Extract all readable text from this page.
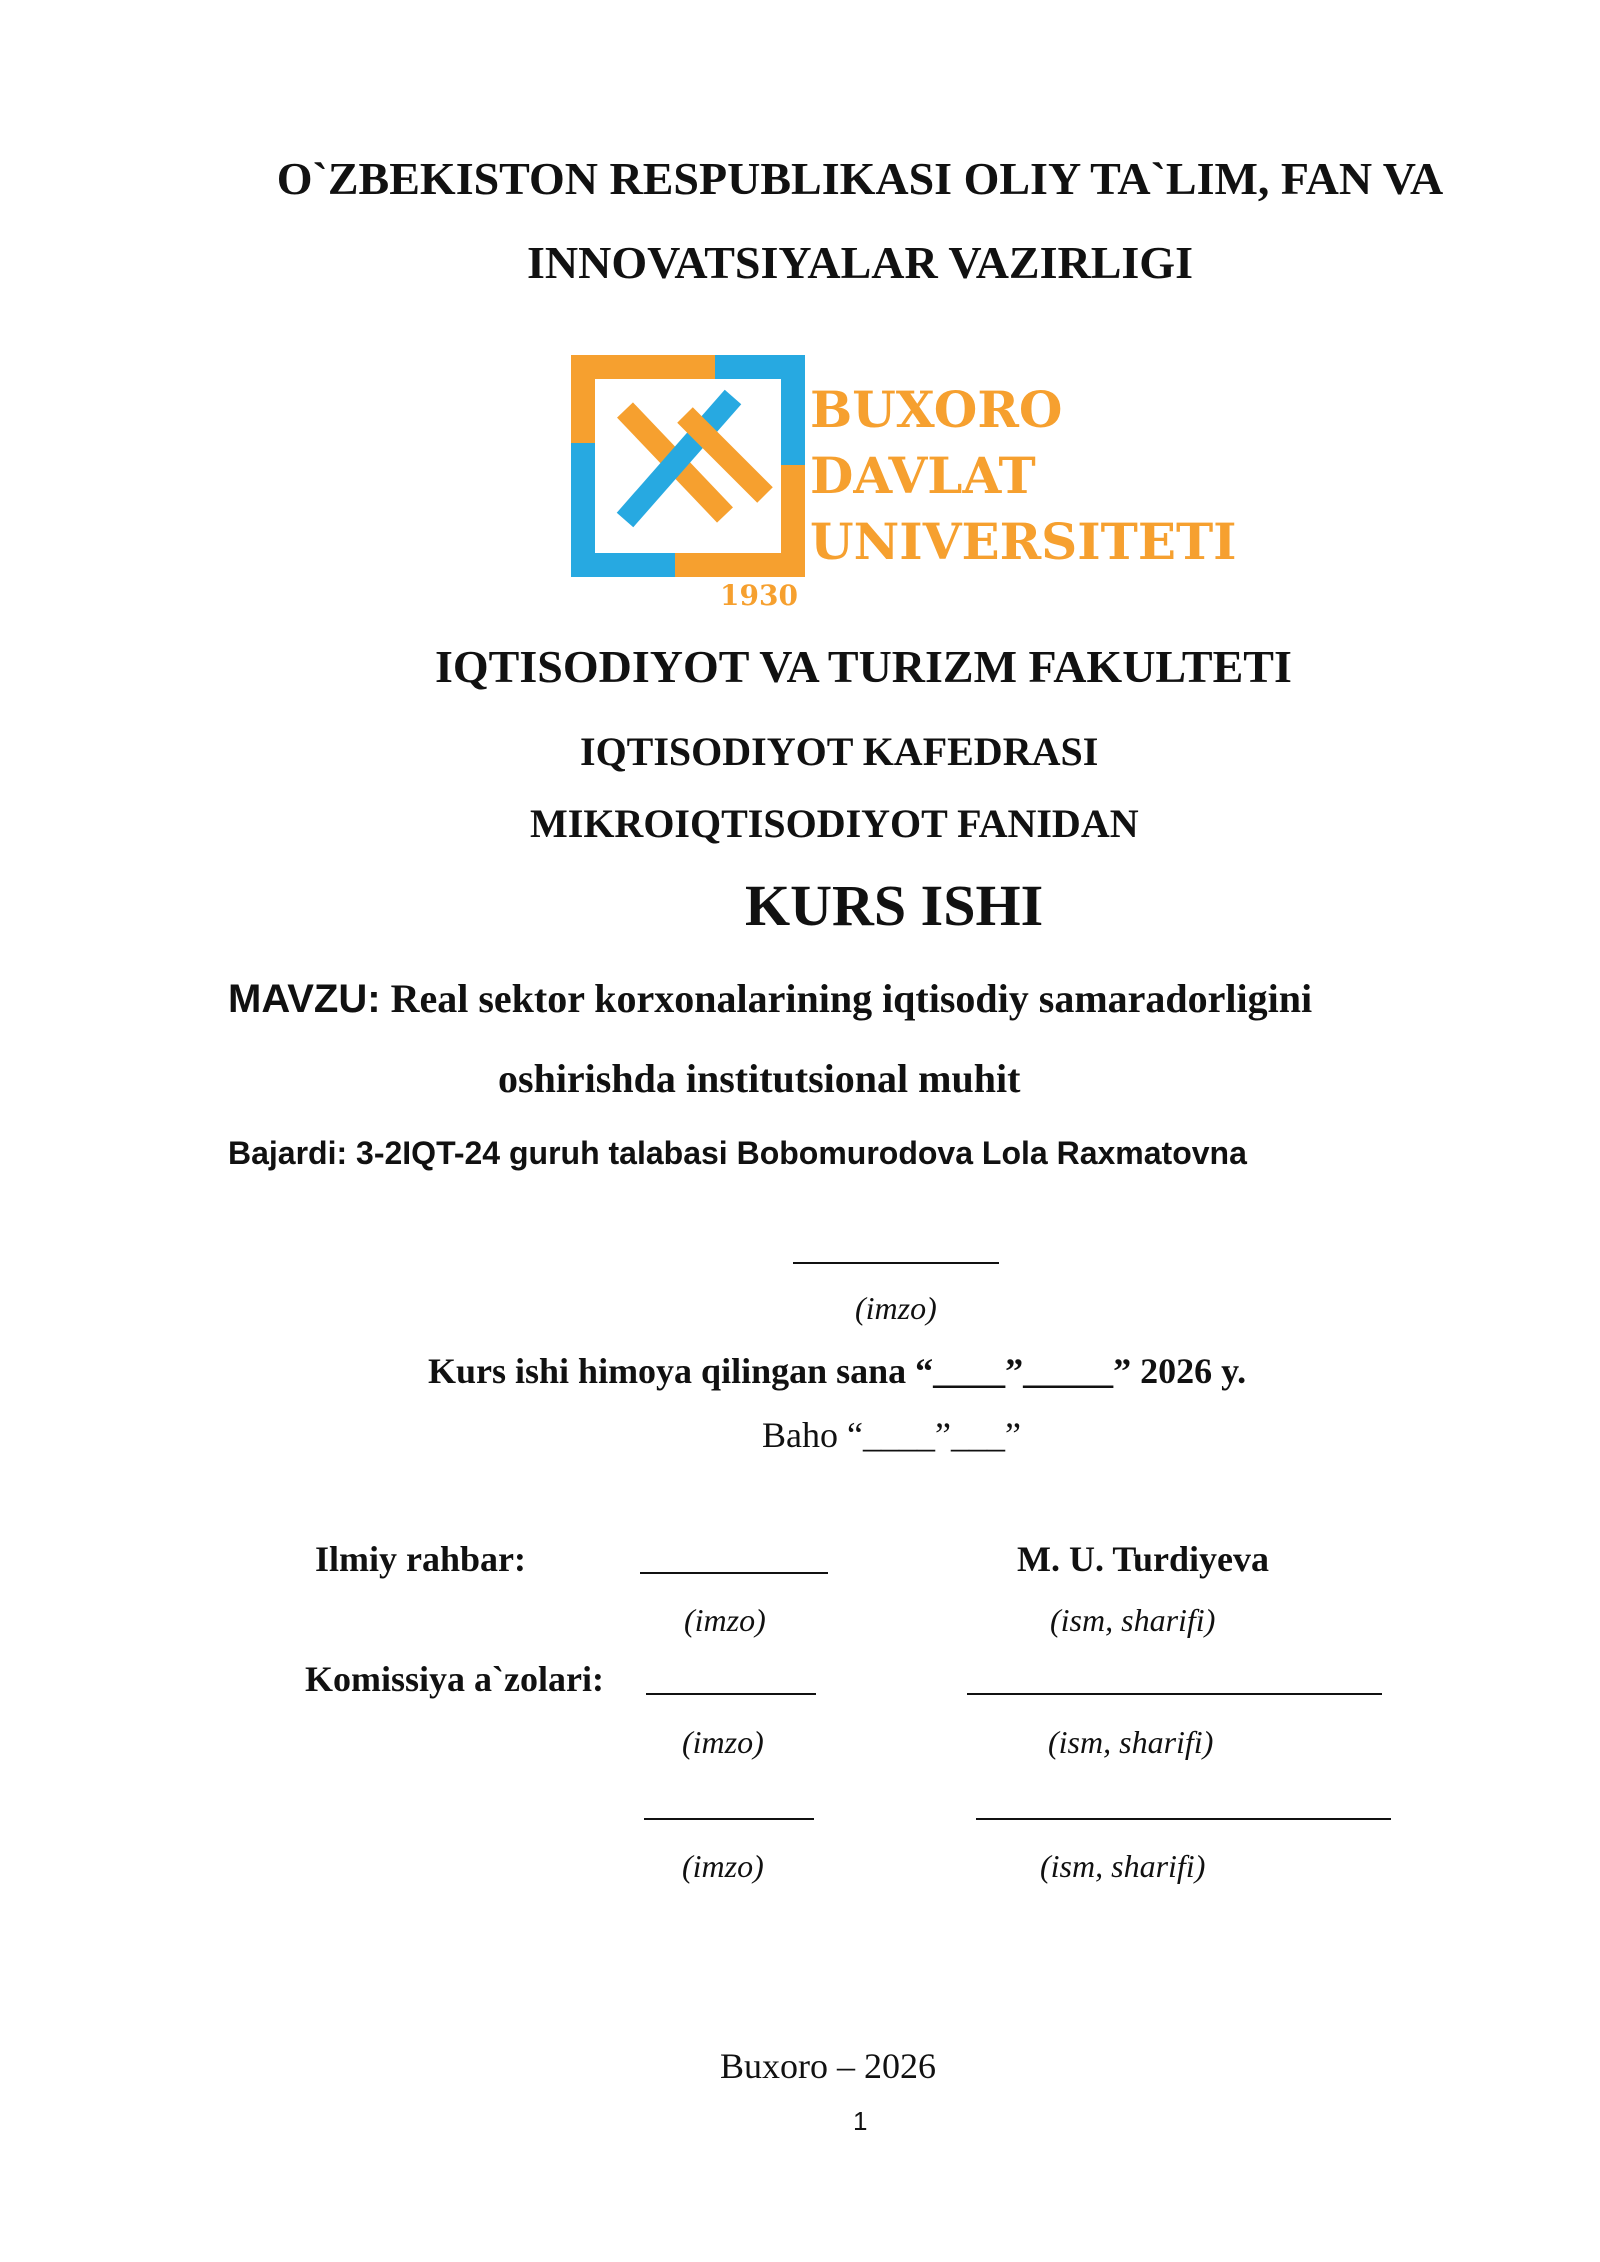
O`ZBEKISTON RESPUBLIKASI OLIY TA`LIM, FAN VA
INNOVATSIYALAR VAZIRLIGI
BUXORO
DAVLAT
UNIVERSITETI
1930
IQTISODIYOT VA TURIZM FAKULTETI
IQTISODIYOT KAFEDRASI
MIKROIQTISODIYOT FANIDAN
KURS ISHI
MAVZU: Real sektor korxonalarining iqtisodiy samaradorligini
oshirishda institutsional muhit
Bajardi: 3-2IQT-24 guruh talabasi Bobomurodova Lola Raxmatovna
(imzo)
Kurs ishi himoya qilingan sana “____”_____” 2026 y.
Baho “____”___”
Ilmiy rahbar:	M. U. Turdiyeva
(imzo)	(ism, sharifi)
Komissiya a`zolari:
(imzo)	(ism, sharifi)
(imzo)	(ism, sharifi)
Buxoro – 2026
1
